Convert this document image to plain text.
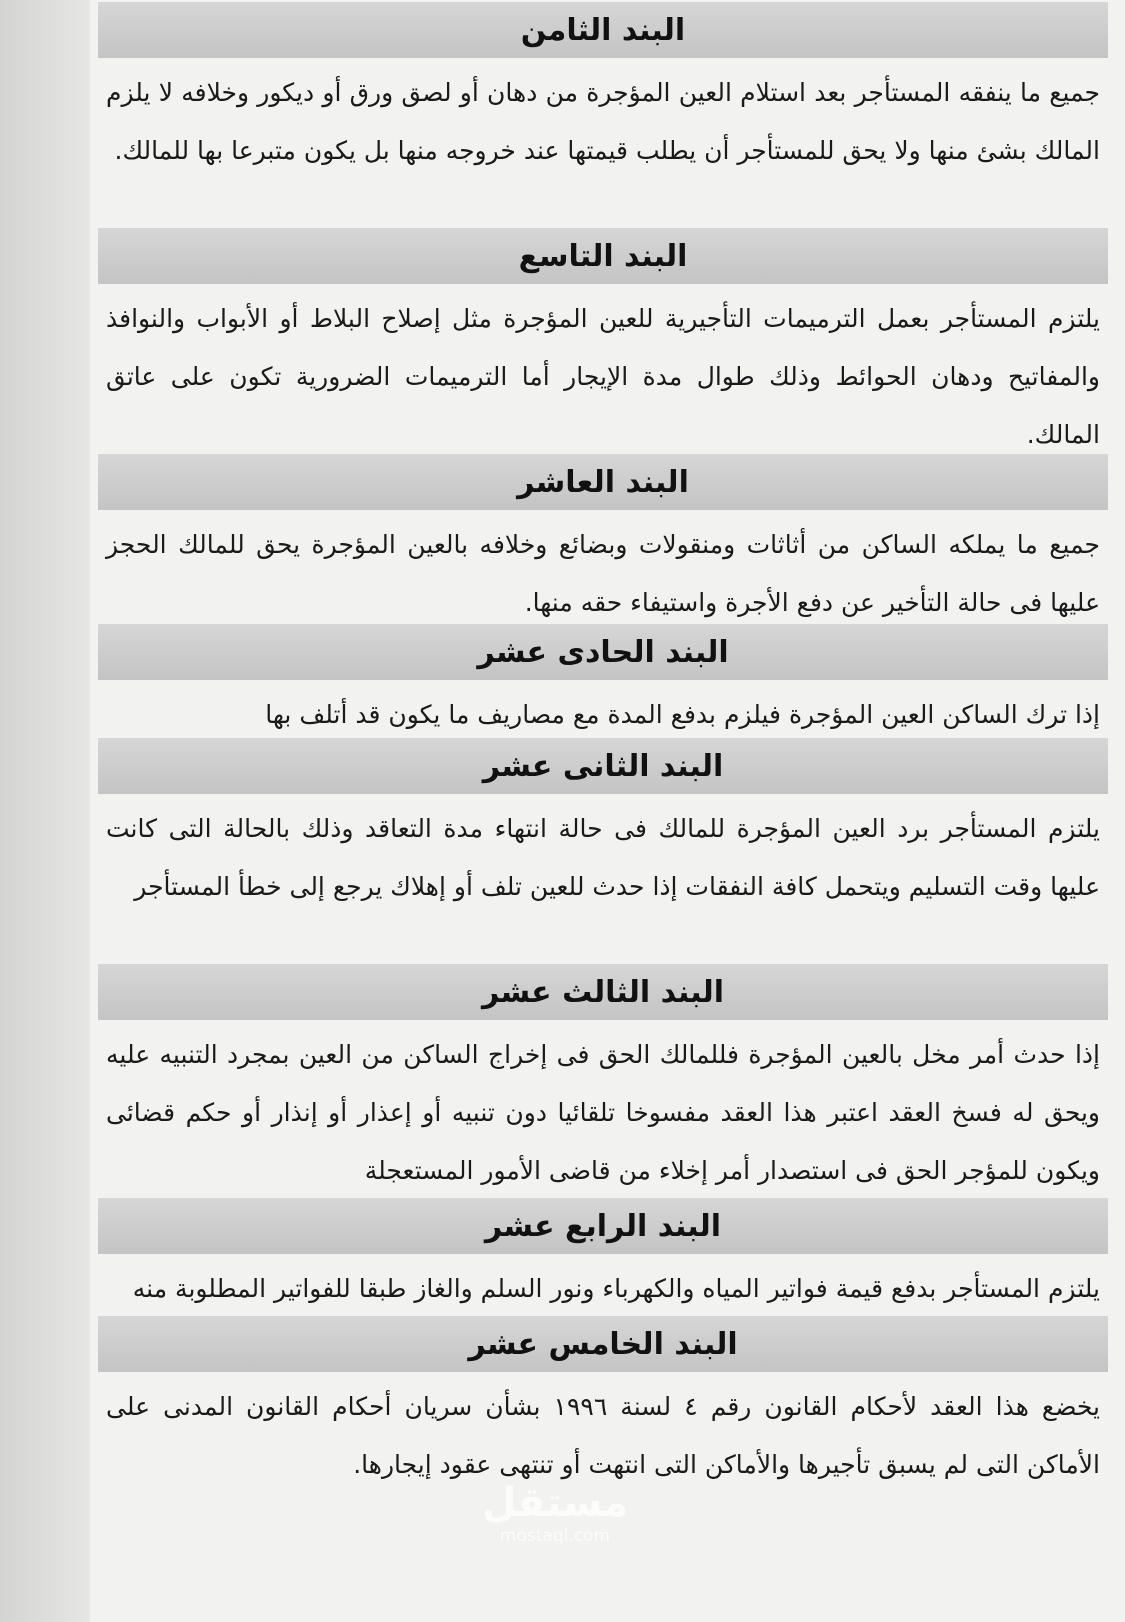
البند الثامن
جميع ما ينفقه المستأجر بعد استلام العين المؤجرة من دهان أو لصق ورق أو ديكور وخلافه لا يلزم المالك بشئ منها ولا يحق للمستأجر أن يطلب قيمتها عند خروجه منها بل يكون متبرعا بها للمالك.
البند التاسع
يلتزم المستأجر بعمل الترميمات التأجيرية للعين المؤجرة مثل إصلاح البلاط أو الأبواب والنوافذ والمفاتيح ودهان الحوائط وذلك طوال مدة الإيجار أما الترميمات الضرورية تكون على عاتق المالك.
البند العاشر
جميع ما يملكه الساكن من أثاثات ومنقولات وبضائع وخلافه بالعين المؤجرة يحق للمالك الحجز عليها فى حالة التأخير عن دفع الأجرة واستيفاء حقه منها.
البند الحادى عشر
إذا ترك الساكن العين المؤجرة فيلزم بدفع المدة مع مصاريف ما يكون قد أتلف بها
البند الثانى عشر
يلتزم المستأجر برد العين المؤجرة للمالك فى حالة انتهاء مدة التعاقد وذلك بالحالة التى كانت عليها وقت التسليم ويتحمل كافة النفقات إذا حدث للعين تلف أو إهلاك يرجع إلى خطأ المستأجر
البند الثالث عشر
إذا حدث أمر مخل بالعين المؤجرة فللمالك الحق فى إخراج الساكن من العين بمجرد التنبيه عليه ويحق له فسخ العقد اعتبر هذا العقد مفسوخا تلقائيا دون تنبيه أو إعذار أو إنذار أو حكم قضائى ويكون للمؤجر الحق فى استصدار أمر إخلاء من قاضى الأمور المستعجلة
البند الرابع عشر
يلتزم المستأجر بدفع قيمة فواتير المياه والكهرباء ونور السلم والغاز طبقا للفواتير المطلوبة منه
البند الخامس عشر
يخضع هذا العقد لأحكام القانون رقم ٤ لسنة ١٩٩٦ بشأن سريان أحكام القانون المدنى على الأماكن التى لم يسبق تأجيرها والأماكن التى انتهت أو تنتهى عقود إيجارها.
مستقل
mostaql.com
